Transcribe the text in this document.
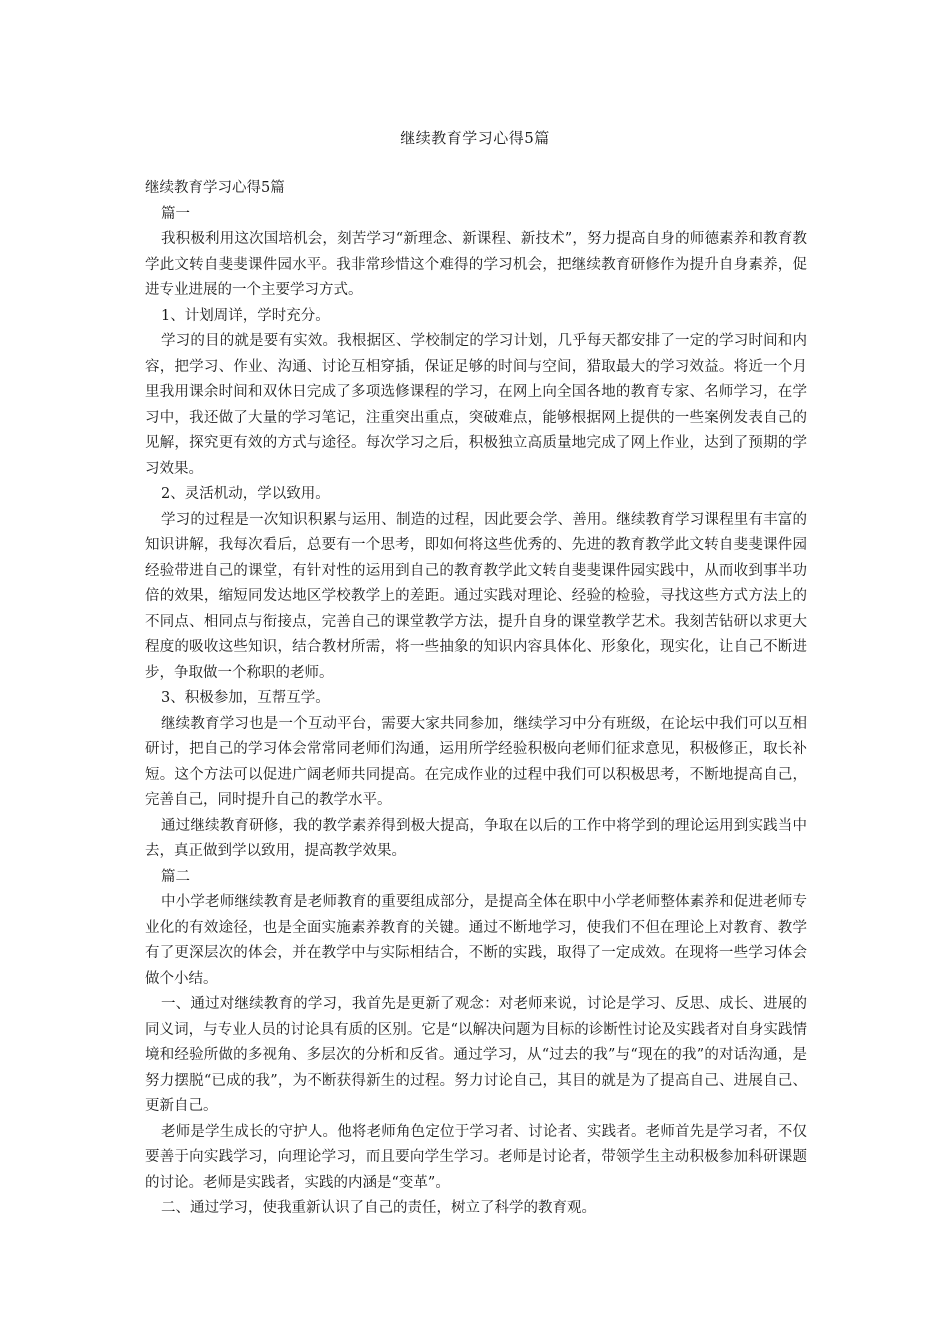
继续教育学习心得5篇

继续教育学习心得5篇

篇一

我积极利用这次国培机会，刻苦学习“新理念、新课程、新技术”，努力提高自身的师德素养和教育教学此文转自斐斐课件园水平。我非常珍惜这个难得的学习机会，把继续教育研修作为提升自身素养，促进专业进展的一个主要学习方式。

1、计划周详，学时充分。

学习的目的就是要有实效。我根据区、学校制定的学习计划，几乎每天都安排了一定的学习时间和内容，把学习、作业、沟通、讨论互相穿插，保证足够的时间与空间，猎取最大的学习效益。将近一个月里我用课余时间和双休日完成了多项选修课程的学习，在网上向全国各地的教育专家、名师学习，在学习中，我还做了大量的学习笔记，注重突出重点，突破难点，能够根据网上提供的一些案例发表自己的见解，探究更有效的方式与途径。每次学习之后，积极独立高质量地完成了网上作业，达到了预期的学习效果。

2、灵活机动，学以致用。

学习的过程是一次知识积累与运用、制造的过程，因此要会学、善用。继续教育学习课程里有丰富的知识讲解，我每次看后，总要有一个思考，即如何将这些优秀的、先进的教育教学此文转自斐斐课件园经验带进自己的课堂，有针对性的运用到自己的教育教学此文转自斐斐课件园实践中，从而收到事半功倍的效果，缩短同发达地区学校教学上的差距。通过实践对理论、经验的检验，寻找这些方式方法上的不同点、相同点与衔接点，完善自己的课堂教学方法，提升自身的课堂教学艺术。我刻苦钻研以求更大程度的吸收这些知识，结合教材所需，将一些抽象的知识内容具体化、形象化，现实化，让自己不断进步，争取做一个称职的老师。

3、积极参加，互帮互学。

继续教育学习也是一个互动平台，需要大家共同参加，继续学习中分有班级，在论坛中我们可以互相研讨，把自己的学习体会常常同老师们沟通，运用所学经验积极向老师们征求意见，积极修正，取长补短。这个方法可以促进广阔老师共同提高。在完成作业的过程中我们可以积极思考，不断地提高自己，完善自己，同时提升自己的教学水平。

通过继续教育研修，我的教学素养得到极大提高，争取在以后的工作中将学到的理论运用到实践当中去，真正做到学以致用，提高教学效果。

篇二

中小学老师继续教育是老师教育的重要组成部分，是提高全体在职中小学老师整体素养和促进老师专业化的有效途径，也是全面实施素养教育的关键。通过不断地学习，使我们不但在理论上对教育、教学有了更深层次的体会，并在教学中与实际相结合，不断的实践，取得了一定成效。在现将一些学习体会做个小结。

一、通过对继续教育的学习，我首先是更新了观念：对老师来说，讨论是学习、反思、成长、进展的同义词，与专业人员的讨论具有质的区别。它是“以解决问题为目标的诊断性讨论及实践者对自身实践情境和经验所做的多视角、多层次的分析和反省。通过学习，从“过去的我”与“现在的我”的对话沟通，是努力摆脱“已成的我”，为不断获得新生的过程。努力讨论自己，其目的就是为了提高自己、进展自己、更新自己。

老师是学生成长的守护人。他将老师角色定位于学习者、讨论者、实践者。老师首先是学习者，不仅要善于向实践学习，向理论学习，而且要向学生学习。老师是讨论者，带领学生主动积极参加科研课题的讨论。老师是实践者，实践的内涵是“变革”。

二、通过学习，使我重新认识了自己的责任，树立了科学的教育观。
